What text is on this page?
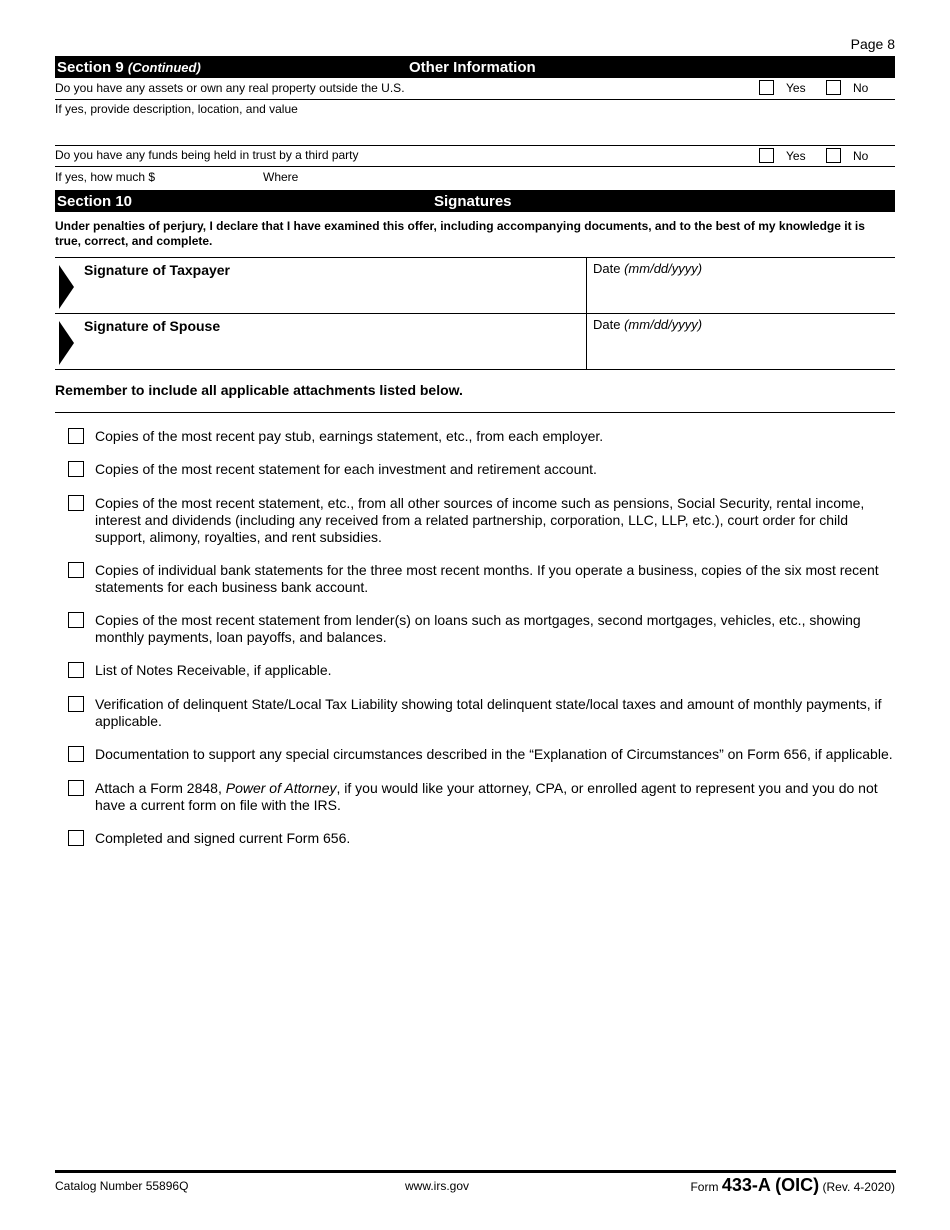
Page 8
Section 9 (Continued)	Other Information
Do you have any assets or own any real property outside the U.S.	Yes	No
If yes, provide description, location, and value
Do you have any funds being held in trust by a third party	Yes	No
If yes, how much $	Where
Section 10	Signatures
Under penalties of perjury, I declare that I have examined this offer, including accompanying documents, and to the best of my knowledge it is true, correct, and complete.
Signature of Taxpayer	Date (mm/dd/yyyy)
Signature of Spouse	Date (mm/dd/yyyy)
Remember to include all applicable attachments listed below.
Copies of the most recent pay stub, earnings statement, etc., from each employer.
Copies of the most recent statement for each investment and retirement account.
Copies of the most recent statement, etc., from all other sources of income such as pensions, Social Security, rental income, interest and dividends (including any received from a related partnership, corporation, LLC, LLP, etc.), court order for child support, alimony, royalties, and rent subsidies.
Copies of individual bank statements for the three most recent months. If you operate a business, copies of the six most recent statements for each business bank account.
Copies of the most recent statement from lender(s) on loans such as mortgages, second mortgages, vehicles, etc., showing monthly payments, loan payoffs, and balances.
List of Notes Receivable, if applicable.
Verification of delinquent State/Local Tax Liability showing total delinquent state/local taxes and amount of monthly payments, if applicable.
Documentation to support any special circumstances described in the “Explanation of Circumstances” on Form 656, if applicable.
Attach a Form 2848, Power of Attorney, if you would like your attorney, CPA, or enrolled agent to represent you and you do not have a current form on file with the IRS.
Completed and signed current Form 656.
Catalog Number 55896Q	www.irs.gov	Form 433-A (OIC) (Rev. 4-2020)
